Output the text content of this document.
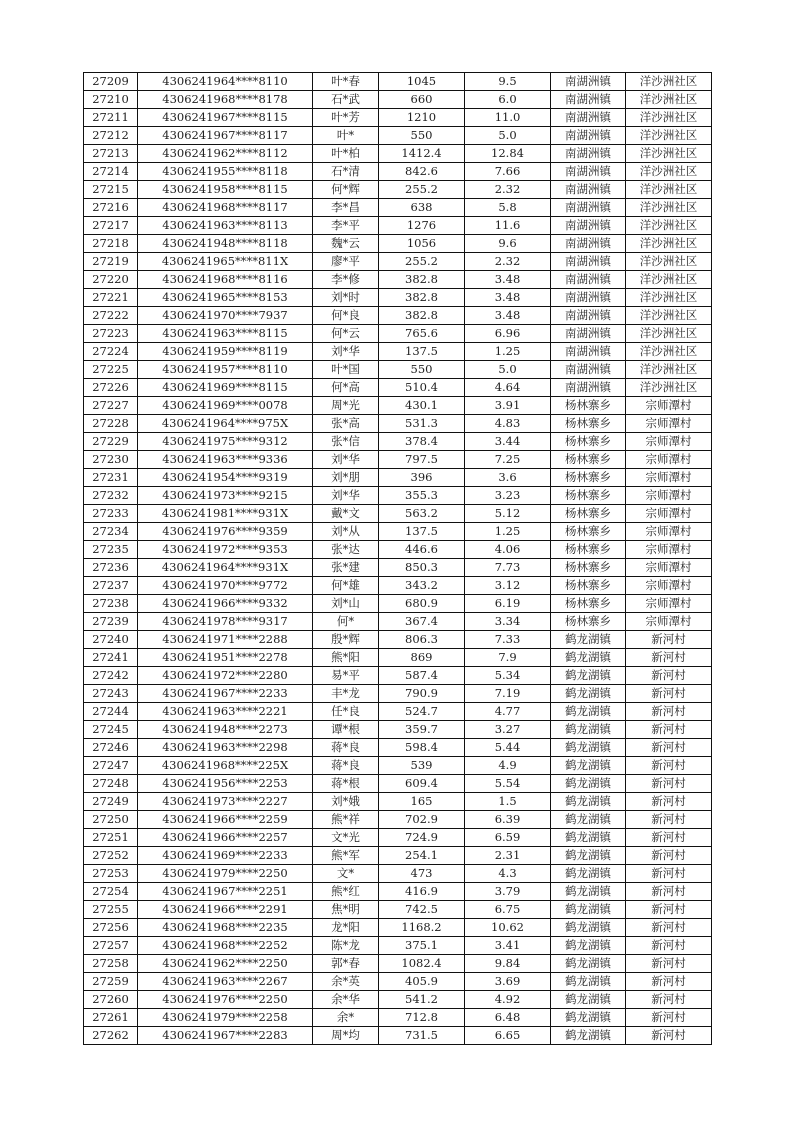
27209	4306241964****8110	叶*春	1045	9.5	南湖洲镇	洋沙洲社区
27210	4306241968****8178	石*武	660	6.0	南湖洲镇	洋沙洲社区
27211	4306241967****8115	叶*芳	1210	11.0	南湖洲镇	洋沙洲社区
27212	4306241967****8117	叶*	550	5.0	南湖洲镇	洋沙洲社区
27213	4306241962****8112	叶*柏	1412.4	12.84	南湖洲镇	洋沙洲社区
27214	4306241955****8118	石*清	842.6	7.66	南湖洲镇	洋沙洲社区
27215	4306241958****8115	何*辉	255.2	2.32	南湖洲镇	洋沙洲社区
27216	4306241968****8117	李*昌	638	5.8	南湖洲镇	洋沙洲社区
27217	4306241963****8113	李*平	1276	11.6	南湖洲镇	洋沙洲社区
27218	4306241948****8118	魏*云	1056	9.6	南湖洲镇	洋沙洲社区
27219	4306241965****811X	廖*平	255.2	2.32	南湖洲镇	洋沙洲社区
27220	4306241968****8116	李*修	382.8	3.48	南湖洲镇	洋沙洲社区
27221	4306241965****8153	刘*时	382.8	3.48	南湖洲镇	洋沙洲社区
27222	4306241970****7937	何*良	382.8	3.48	南湖洲镇	洋沙洲社区
27223	4306241963****8115	何*云	765.6	6.96	南湖洲镇	洋沙洲社区
27224	4306241959****8119	刘*华	137.5	1.25	南湖洲镇	洋沙洲社区
27225	4306241957****8110	叶*国	550	5.0	南湖洲镇	洋沙洲社区
27226	4306241969****8115	何*高	510.4	4.64	南湖洲镇	洋沙洲社区
27227	4306241969****0078	周*光	430.1	3.91	杨林寨乡	宗师潭村
27228	4306241964****975X	张*高	531.3	4.83	杨林寨乡	宗师潭村
27229	4306241975****9312	张*信	378.4	3.44	杨林寨乡	宗师潭村
27230	4306241963****9336	刘*华	797.5	7.25	杨林寨乡	宗师潭村
27231	4306241954****9319	刘*朋	396	3.6	杨林寨乡	宗师潭村
27232	4306241973****9215	刘*华	355.3	3.23	杨林寨乡	宗师潭村
27233	4306241981****931X	戴*文	563.2	5.12	杨林寨乡	宗师潭村
27234	4306241976****9359	刘*从	137.5	1.25	杨林寨乡	宗师潭村
27235	4306241972****9353	张*达	446.6	4.06	杨林寨乡	宗师潭村
27236	4306241964****931X	张*建	850.3	7.73	杨林寨乡	宗师潭村
27237	4306241970****9772	何*雄	343.2	3.12	杨林寨乡	宗师潭村
27238	4306241966****9332	刘*山	680.9	6.19	杨林寨乡	宗师潭村
27239	4306241978****9317	何*	367.4	3.34	杨林寨乡	宗师潭村
27240	4306241971****2288	殷*辉	806.3	7.33	鹤龙湖镇	新河村
27241	4306241951****2278	熊*阳	869	7.9	鹤龙湖镇	新河村
27242	4306241972****2280	易*平	587.4	5.34	鹤龙湖镇	新河村
27243	4306241967****2233	丰*龙	790.9	7.19	鹤龙湖镇	新河村
27244	4306241963****2221	任*良	524.7	4.77	鹤龙湖镇	新河村
27245	4306241948****2273	谭*根	359.7	3.27	鹤龙湖镇	新河村
27246	4306241963****2298	蒋*良	598.4	5.44	鹤龙湖镇	新河村
27247	4306241968****225X	蒋*良	539	4.9	鹤龙湖镇	新河村
27248	4306241956****2253	蒋*根	609.4	5.54	鹤龙湖镇	新河村
27249	4306241973****2227	刘*娥	165	1.5	鹤龙湖镇	新河村
27250	4306241966****2259	熊*祥	702.9	6.39	鹤龙湖镇	新河村
27251	4306241966****2257	文*光	724.9	6.59	鹤龙湖镇	新河村
27252	4306241969****2233	熊*军	254.1	2.31	鹤龙湖镇	新河村
27253	4306241979****2250	文*	473	4.3	鹤龙湖镇	新河村
27254	4306241967****2251	熊*红	416.9	3.79	鹤龙湖镇	新河村
27255	4306241966****2291	焦*明	742.5	6.75	鹤龙湖镇	新河村
27256	4306241968****2235	龙*阳	1168.2	10.62	鹤龙湖镇	新河村
27257	4306241968****2252	陈*龙	375.1	3.41	鹤龙湖镇	新河村
27258	4306241962****2250	郭*春	1082.4	9.84	鹤龙湖镇	新河村
27259	4306241963****2267	余*英	405.9	3.69	鹤龙湖镇	新河村
27260	4306241976****2250	余*华	541.2	4.92	鹤龙湖镇	新河村
27261	4306241979****2258	余*	712.8	6.48	鹤龙湖镇	新河村
27262	4306241967****2283	周*均	731.5	6.65	鹤龙湖镇	新河村
